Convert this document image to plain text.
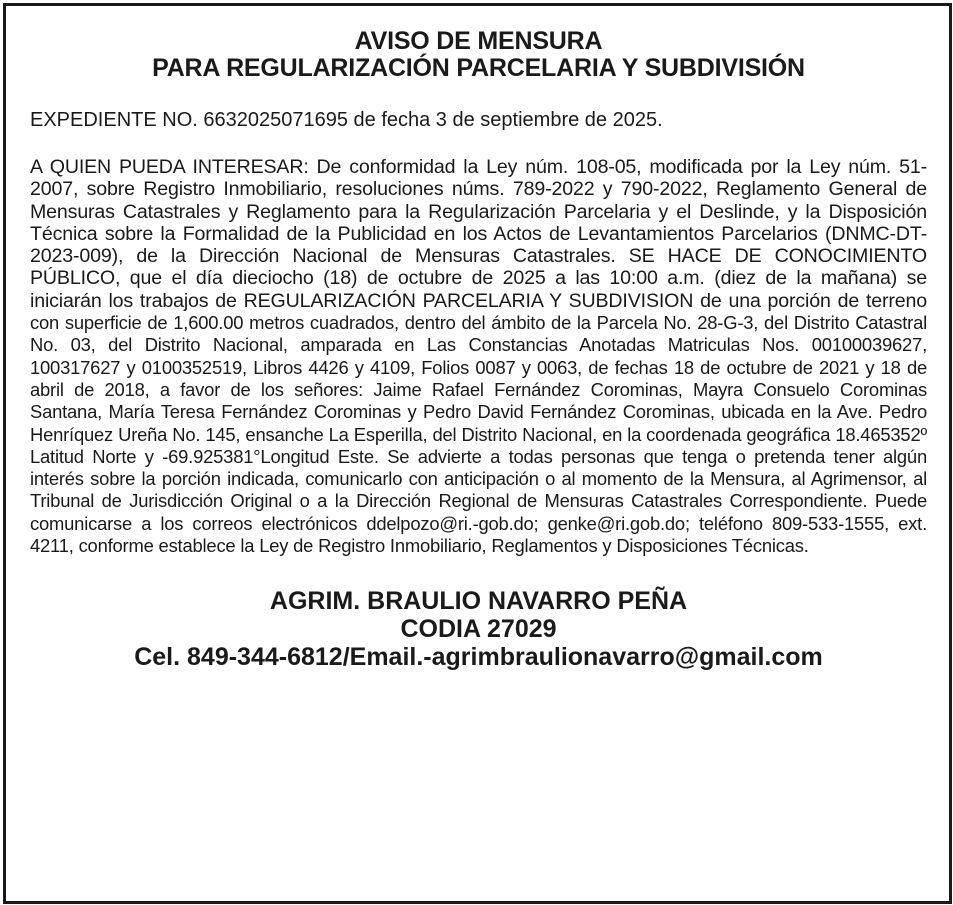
AVISO DE MENSURA
PARA REGULARIZACIÓN PARCELARIA Y SUBDIVISIÓN

EXPEDIENTE NO. 6632025071695 de fecha 3 de septiembre de 2025.

A QUIEN PUEDA INTERESAR: De conformidad la Ley núm. 108-05, modificada por la Ley núm. 51-2007, sobre Registro Inmobiliario, resoluciones núms. 789-2022 y 790-2022, Reglamento General de Mensuras Catastrales y Reglamento para la Regularización Parcelaria y el Deslinde, y la Disposición Técnica sobre la Formalidad de la Publicidad en los Actos de Levantamientos Parcelarios (DNMC-DT-2023-009), de la Dirección Nacional de Mensuras Catastrales. SE HACE DE CONOCIMIENTO PÚBLICO, que el día dieciocho (18) de octubre de 2025 a las 10:00 a.m. (diez de la mañana) se iniciarán los trabajos de REGULARIZACIÓN PARCELARIA Y SUBDIVISION de una porción de terreno con superficie de 1,600.00 metros cuadrados, dentro del ámbito de la Parcela No. 28-G-3, del Distrito Catastral No. 03, del Distrito Nacional, amparada en Las Constancias Anotadas Matriculas Nos. 00100039627, 100317627 y 0100352519, Libros 4426 y 4109, Folios 0087 y 0063, de fechas 18 de octubre de 2021 y 18 de abril de 2018, a favor de los señores: Jaime Rafael Fernández Corominas, Mayra Consuelo Corominas Santana, María Teresa Fernández Corominas y Pedro David Fernández Corominas, ubicada en la Ave. Pedro Henríquez Ureña No. 145, ensanche La Esperilla, del Distrito Nacional, en la coordenada geográfica 18.465352º Latitud Norte y -69.925381°Longitud Este. Se advierte a todas personas que tenga o pretenda tener algún interés sobre la porción indicada, comunicarlo con anticipación o al momento de la Mensura, al Agrimensor, al Tribunal de Jurisdicción Original o a la Dirección Regional de Mensuras Catastrales Correspondiente. Puede comunicarse a los correos electrónicos ddelpozo@ri.-gob.do; genke@ri.gob.do; teléfono 809-533-1555, ext. 4211, conforme establece la Ley de Registro Inmobiliario, Reglamentos y Disposiciones Técnicas.

AGRIM. BRAULIO NAVARRO PEÑA
CODIA 27029
Cel. 849-344-6812/Email.-agrimbraulionavarro@gmail.com
